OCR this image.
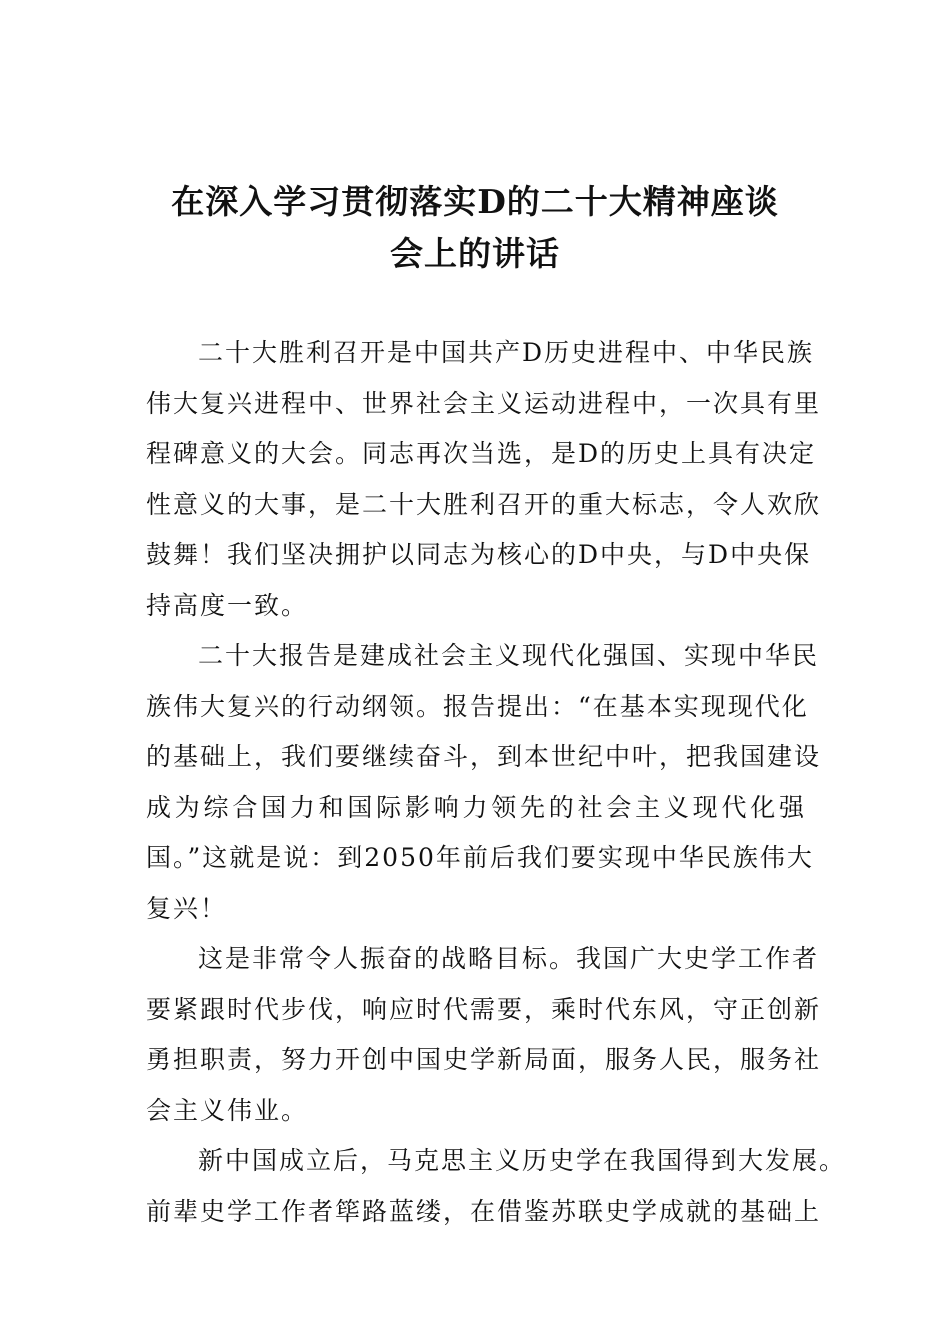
在深入学习贯彻落实D的二十大精神座谈
会上的讲话
二十大胜利召开是中国共产D历史进程中、中华民族
伟大复兴进程中、世界社会主义运动进程中，一次具有里
程碑意义的大会。同志再次当选，是D的历史上具有决定
性意义的大事，是二十大胜利召开的重大标志，令人欢欣
鼓舞！我们坚决拥护以同志为核心的D中央，与D中央保
持高度一致。
二十大报告是建成社会主义现代化强国、实现中华民
族伟大复兴的行动纲领。报告提出：“在基本实现现代化
的基础上，我们要继续奋斗，到本世纪中叶，把我国建设
成为综合国力和国际影响力领先的社会主义现代化强
国。”这就是说：到2050年前后我们要实现中华民族伟大
复兴！
这是非常令人振奋的战略目标。我国广大史学工作者
要紧跟时代步伐，响应时代需要，乘时代东风，守正创新
勇担职责，努力开创中国史学新局面，服务人民，服务社
会主义伟业。
新中国成立后，马克思主义历史学在我国得到大发展。
前辈史学工作者筚路蓝缕，在借鉴苏联史学成就的基础上
